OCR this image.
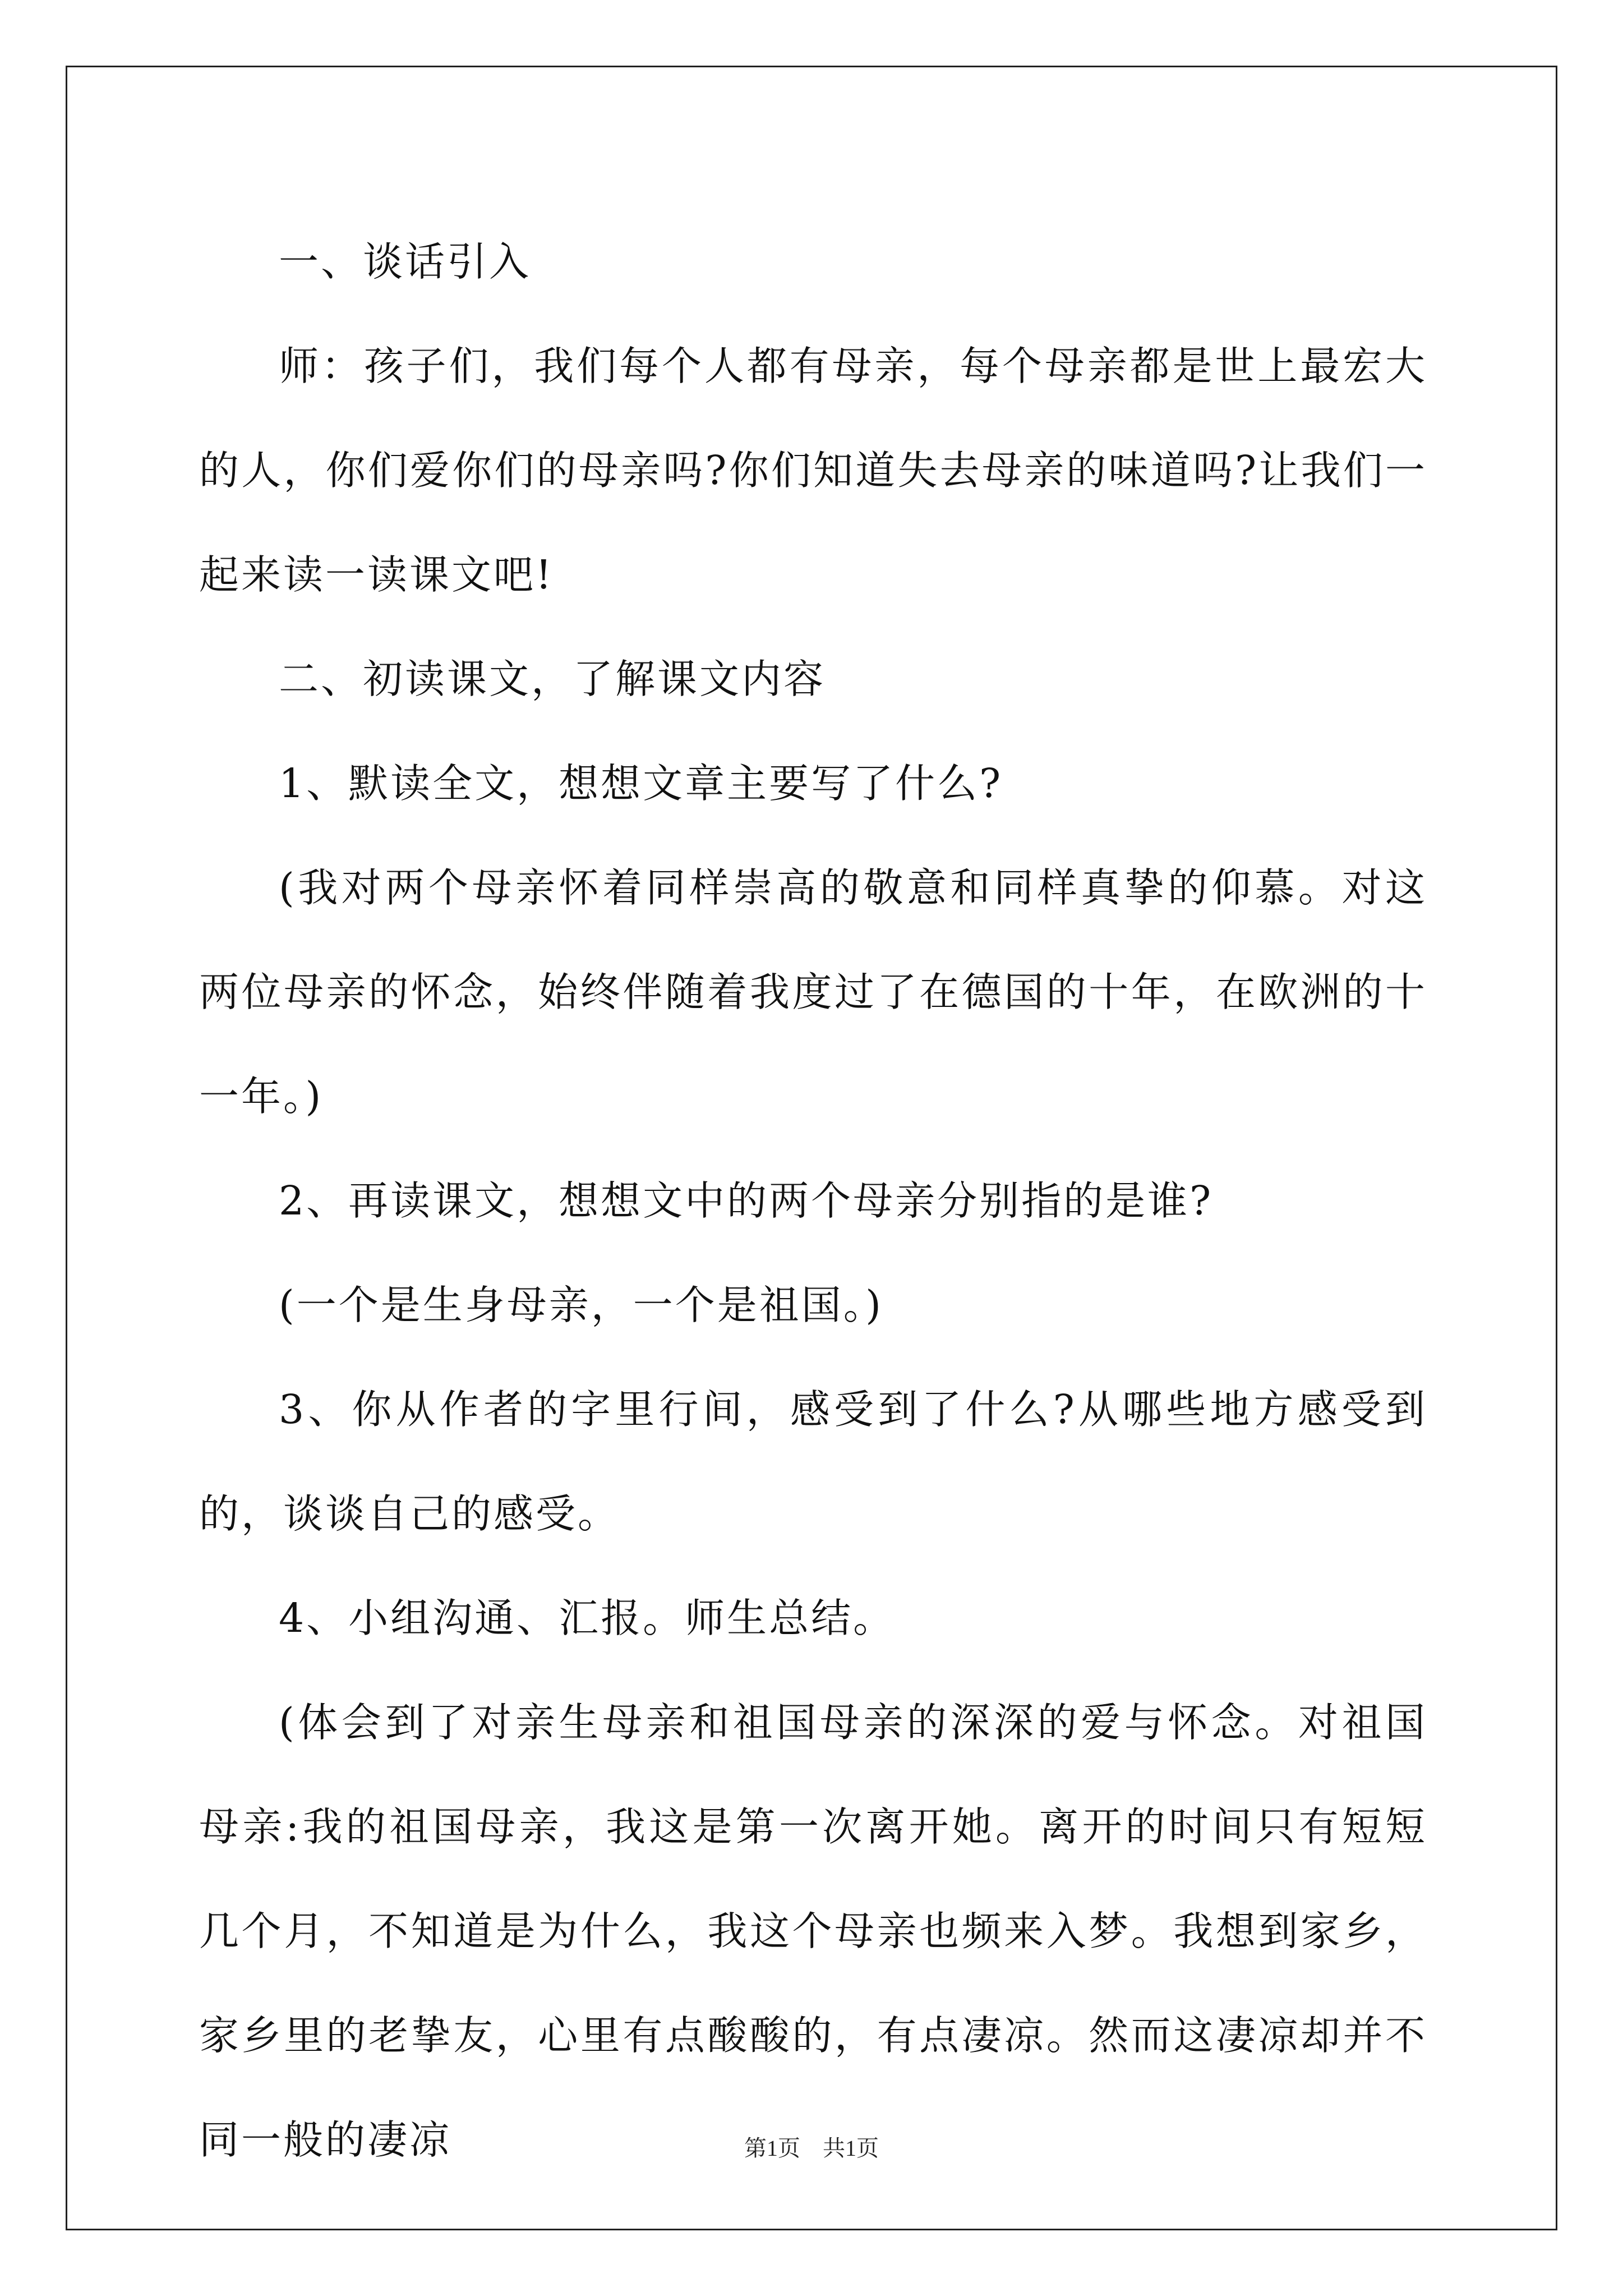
一、谈话引入

师：孩子们，我们每个人都有母亲，每个母亲都是世上最宏大的人，你们爱你们的母亲吗?你们知道失去母亲的味道吗?让我们一起来读一读课文吧!

二、初读课文，了解课文内容

1、默读全文，想想文章主要写了什么?

(我对两个母亲怀着同样崇高的敬意和同样真挚的仰慕。对这两位母亲的怀念，始终伴随着我度过了在德国的十年，在欧洲的十一年。)

2、再读课文，想想文中的两个母亲分别指的是谁?

(一个是生身母亲，一个是祖国。)

3、你从作者的字里行间，感受到了什么?从哪些地方感受到的，谈谈自己的感受。

4、小组沟通、汇报。师生总结。

(体会到了对亲生母亲和祖国母亲的深深的爱与怀念。对祖国母亲:我的祖国母亲，我这是第一次离开她。离开的时间只有短短几个月，不知道是为什么，我这个母亲也频来入梦。我想到家乡，家乡里的老挚友，心里有点酸酸的，有点凄凉。然而这凄凉却并不同一般的凄凉	第1页 共1页
